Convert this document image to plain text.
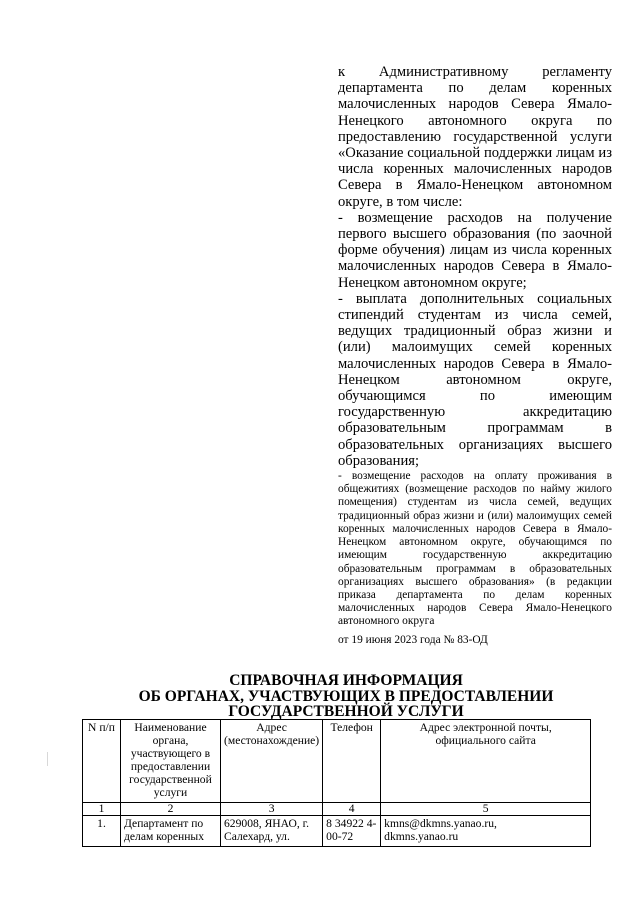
к Административному регламенту департамента по делам коренных малочисленных народов Севера Ямало-Ненецкого автономного округа по предоставлению государственной услуги «Оказание социальной поддержки лицам из числа коренных малочисленных народов Севера в Ямало-Ненецком автономном округе, в том числе:

- возмещение расходов на получение первого высшего образования (по заочной форме обучения) лицам из числа коренных малочисленных народов Севера в Ямало-Ненецком автономном округе;

- выплата дополнительных социальных стипендий студентам из числа семей, ведущих традиционный образ жизни и (или) малоимущих семей коренных малочисленных народов Севера в Ямало-Ненецком автономном округе, обучающимся по имеющим государственную аккредитацию образовательным программам в образовательных организациях высшего образования;

- возмещение расходов на оплату проживания в общежитиях (возмещение расходов по найму жилого помещения) студентам из числа семей, ведущих традиционный образ жизни и (или) малоимущих семей коренных малочисленных народов Севера в Ямало-Ненецком автономном округе, обучающимся по имеющим государственную аккредитацию образовательным программам в образовательных организациях высшего образования» (в редакции приказа департамента по делам коренных малочисленных народов Севера Ямало-Ненецкого автономного округа

от 19 июня 2023 года № 83-ОД

СПРАВОЧНАЯ ИНФОРМАЦИЯ
ОБ ОРГАНАХ, УЧАСТВУЮЩИХ В ПРЕДОСТАВЛЕНИИ
ГОСУДАРСТВЕННОЙ УСЛУГИ
N п/п	Наименование органа, участвующего в предоставлении государственной услуги	Адрес (местонахождение)	Телефон	Адрес электронной почты, официального сайта
1	2	3	4	5
1.	Департамент по делам коренных	629008, ЯНАО, г. Салехард, ул.	8 34922 4-00-72	kmns@dkmns.yanao.ru,
dkmns.yanao.ru
